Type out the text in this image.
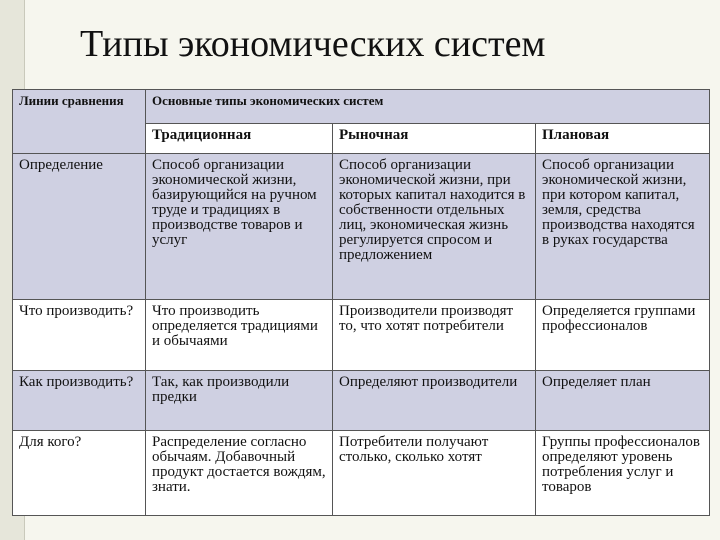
Типы экономических систем
Линии сравнения	Основные типы экономических систем		

	Традиционная	Рыночная	Плановая

Определение	Способ организации экономической жизни, базирующийся на ручном труде и традициях в производстве товаров и услуг	Способ организации экономической жизни, при которых капитал находится в собственности отдельных лиц, экономическая жизнь регулируется спросом и предложением	Способ организации экономической жизни, при котором капитал, земля, средства производства находятся в руках государства

Что производить?	Что производить определяется традициями и обычаями	Производители производят то, что хотят потребители	Определяется группами профессионалов

Как производить?	Так, как производили предки	Определяют производители	Определяет план

Для кого?	Распределение согласно обычаям. Добавочный продукт достается вождям, знати.	Потребители получают столько, сколько хотят	Группы профессионалов определяют уровень потребления услуг и товаров
